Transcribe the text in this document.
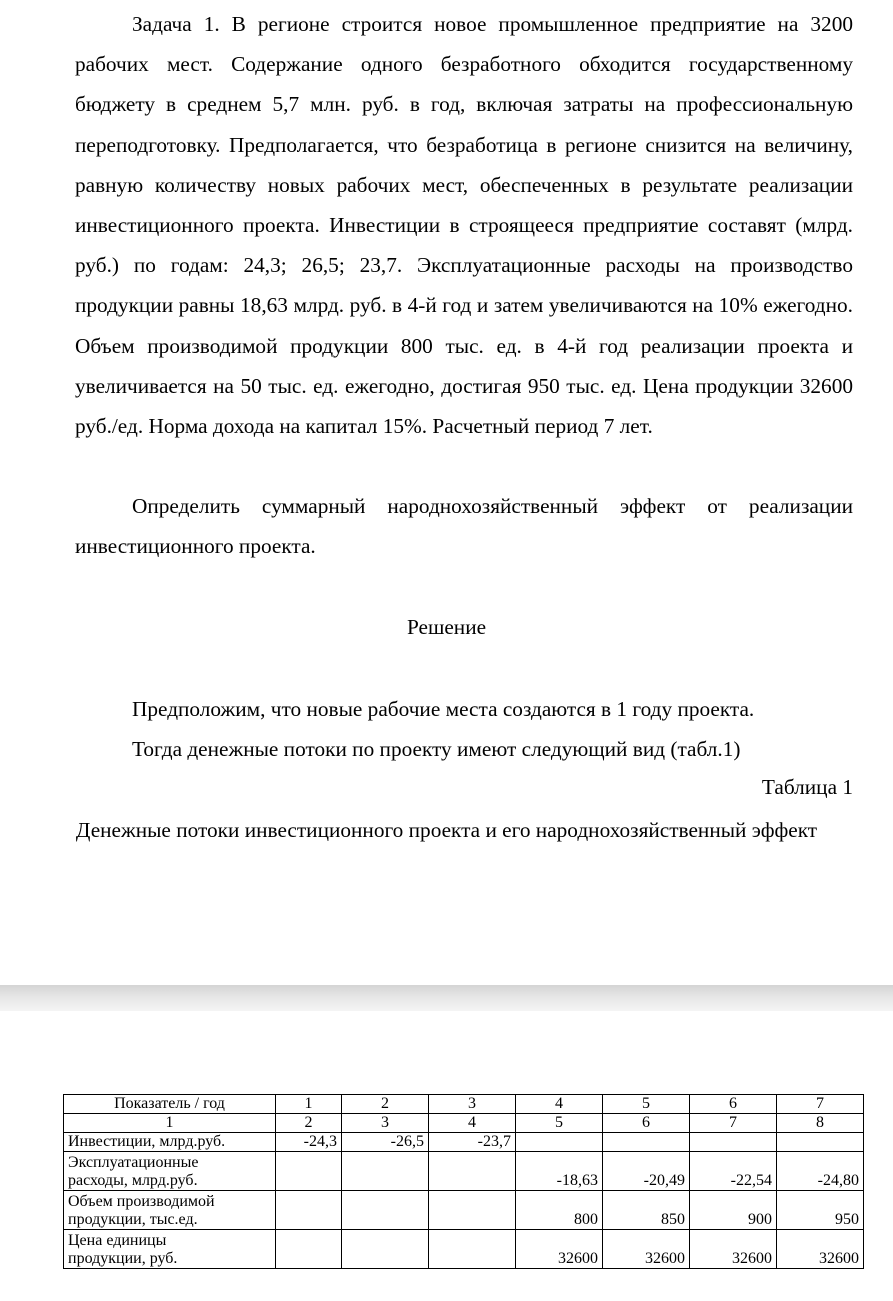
Задача 1. В регионе строится новое промышленное предприятие на 3200 рабочих мест. Содержание одного безработного обходится государственному бюджету в среднем 5,7 млн. руб. в год, включая затраты на профессиональную переподготовку. Предполагается, что безработица в регионе снизится на величину, равную количеству новых рабочих мест, обеспеченных в результате реализации инвестиционного проекта. Инвестиции в строящееся предприятие составят (млрд. руб.) по годам: 24,3; 26,5; 23,7. Эксплуатационные расходы на производство продукции равны 18,63 млрд. руб. в 4-й год и затем увеличиваются на 10% ежегодно. Объем производимой продукции 800 тыс. ед. в 4-й год реализации проекта и увеличивается на 50 тыс. ед. ежегодно, достигая 950 тыс. ед. Цена продукции 32600 руб./ед. Норма дохода на капитал 15%. Расчетный период 7 лет.
Определить суммарный народнохозяйственный эффект от реализации инвестиционного проекта.
Решение
Предположим, что новые рабочие места создаются в 1 году проекта.
Тогда денежные потоки по проекту имеют следующий вид (табл.1)
Таблица 1
Денежные потоки инвестиционного проекта и его народнохозяйственный эффект
Показатель / год	1	2	3	4	5	6	7
1	2	3	4	5	6	7	8
Инвестиции, млрд.руб.	-24,3	-26,5	-23,7				
Эксплуатационные
расходы, млрд.руб.				-18,63	-20,49	-22,54	-24,80
Объем производимой
продукции, тыс.ед.				800	850	900	950
Цена единицы
продукции, руб.				32600	32600	32600	32600
